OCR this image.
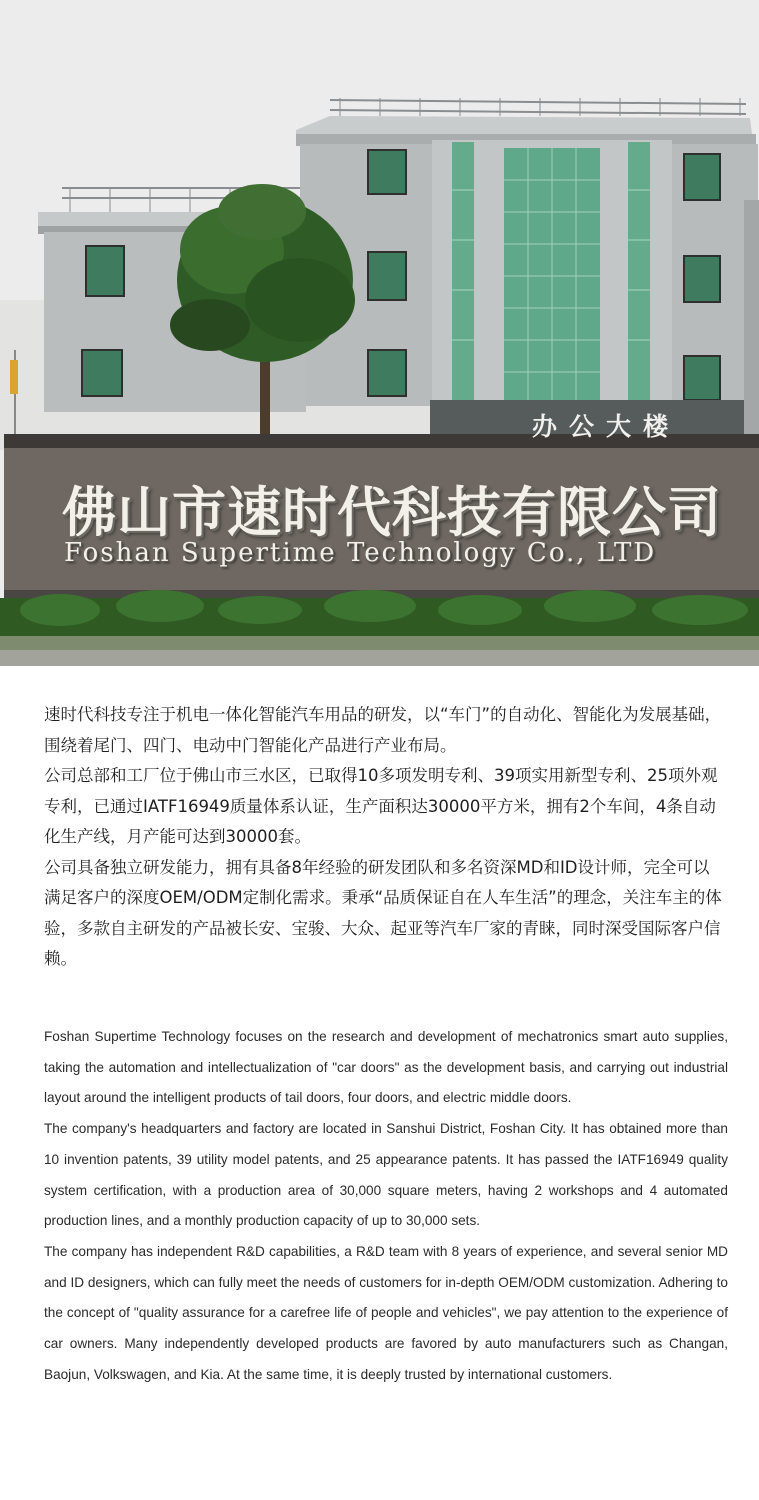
办公大楼
佛山市速时代科技有限公司
Foshan Supertime Technology Co., LTD

速时代科技专注于机电一体化智能汽车用品的研发，以“车门”的自动化、智能化为发展基础，围绕着尾门、四门、电动中门智能化产品进行产业布局。

公司总部和工厂位于佛山市三水区，已取得10多项发明专利、39项实用新型专利、25项外观专利，已通过IATF16949质量体系认证，生产面积达30000平方米，拥有2个车间，4条自动化生产线，月产能可达到30000套。

公司具备独立研发能力，拥有具备8年经验的研发团队和多名资深MD和ID设计师，完全可以满足客户的深度OEM/ODM定制化需求。秉承“品质保证自在人车生活”的理念，关注车主的体验，多款自主研发的产品被长安、宝骏、大众、起亚等汽车厂家的青睐，同时深受国际客户信赖。

Foshan Supertime Technology focuses on the research and development of mechatronics smart auto supplies, taking the automation and intellectualization of "car doors" as the development basis, and carrying out industrial layout around the intelligent products of tail doors, four doors, and electric middle doors.

The company's headquarters and factory are located in Sanshui District, Foshan City. It has obtained more than 10 invention patents, 39 utility model patents, and 25 appearance patents. It has passed the IATF16949 quality system certification, with a production area of 30,000 square meters, having 2 workshops and 4 automated production lines, and a monthly production capacity of up to 30,000 sets.

The company has independent R&D capabilities, a R&D team with 8 years of experience, and several senior MD and ID designers, which can fully meet the needs of customers for in-depth OEM/ODM customization. Adhering to the concept of "quality assurance for a carefree life of people and vehicles", we pay attention to the experience of car owners. Many independently developed products are favored by auto manufacturers such as Changan, Baojun, Volkswagen, and Kia. At the same time, it is deeply trusted by international customers.
